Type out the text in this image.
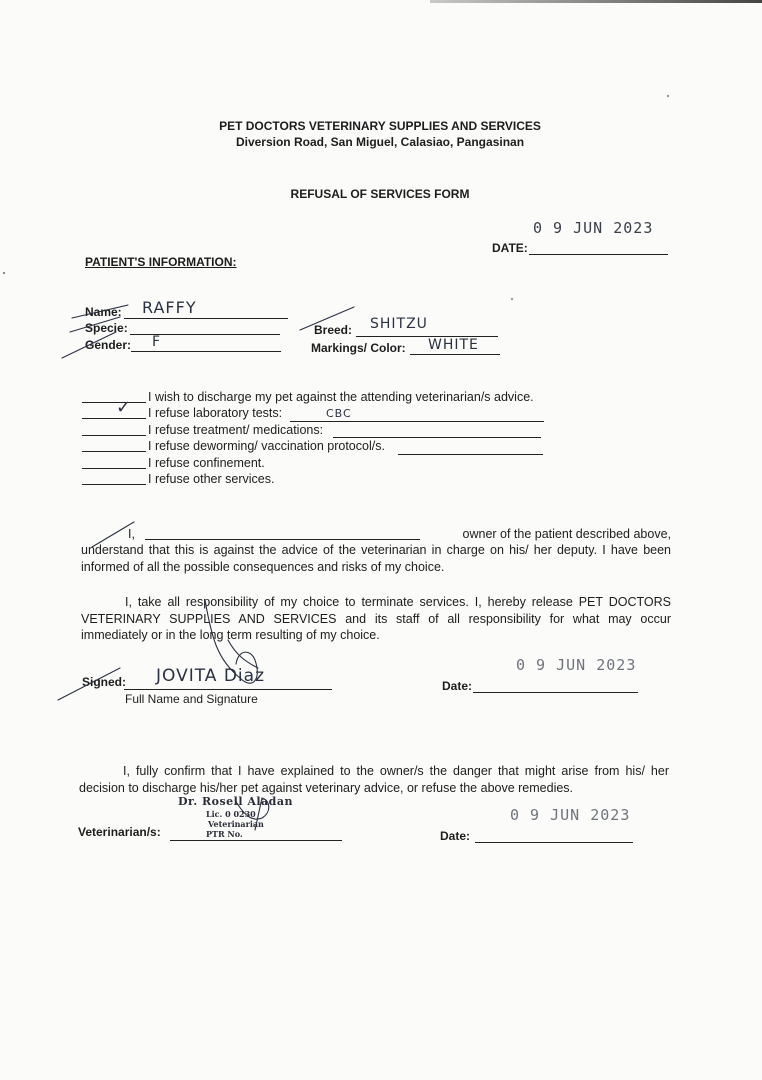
PET DOCTORS VETERINARY SUPPLIES AND SERVICES
Diversion Road, San Miguel, Calasiao, Pangasinan
REFUSAL OF SERVICES FORM
0 9 JUN 2023
DATE:
PATIENT'S INFORMATION:
Name: RAFFY
Specie:
Gender: F
Breed: SHITZU
Markings/ Color: WHITE
I wish to discharge my pet against the attending veterinarian/s advice.
✓ I refuse laboratory tests:	CBC
I refuse treatment/ medications:
I refuse deworming/ vaccination protocol/s.
I refuse confinement.
I refuse other services.
I,	owner of the patient described above,
understand that this is against the advice of the veterinarian in charge on his/ her deputy. I have been informed of all the possible consequences and risks of my choice.
I, take all responsibility of my choice to terminate services. I, hereby release PET DOCTORS VETERINARY SUPPLIES AND SERVICES and its staff of all responsibility for what may occur immediately or in the long term resulting of my choice.
Signed: JOVITA Diaz
Full Name and Signature
0 9 JUN 2023
Date:
I, fully confirm that I have explained to the owner/s the danger that might arise from his/ her decision to discharge his/her pet against veterinary advice, or refuse the above remedies.
Veterinarian/s:
Dr. Rosell Aladan
Lic. 0 0230
Veterinarian
PTR No.
0 9 JUN 2023
Date:
